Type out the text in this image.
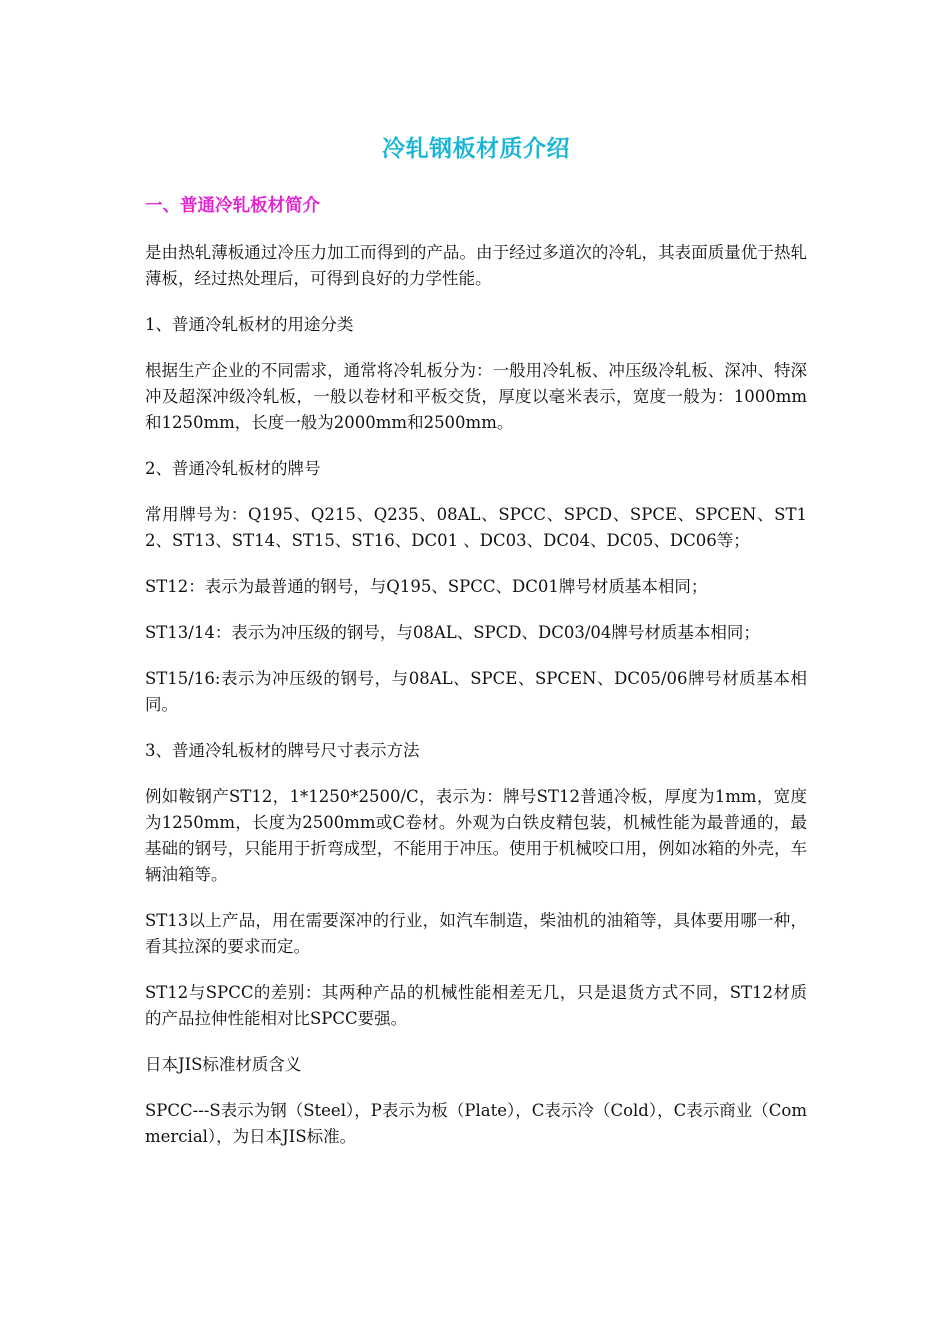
冷轧钢板材质介绍
一、普通冷轧板材简介

是由热轧薄板通过冷压力加工而得到的产品。由于经过多道次的冷轧，其表面质量优于热轧薄板，经过热处理后，可得到良好的力学性能。

1、普通冷轧板材的用途分类

根据生产企业的不同需求，通常将冷轧板分为：一般用冷轧板、冲压级冷轧板、深冲、特深冲及超深冲级冷轧板，一般以卷材和平板交货，厚度以毫米表示，宽度一般为：1000mm和1250mm，长度一般为2000mm和2500mm。

2、普通冷轧板材的牌号

常用牌号为：Q195、Q215、Q235、08AL、SPCC、SPCD、SPCE、SPCEN、ST12、ST13、ST14、ST15、ST16、DC01 、DC03、DC04、DC05、DC06等；

ST12：表示为最普通的钢号，与Q195、SPCC、DC01牌号材质基本相同；

ST13/14：表示为冲压级的钢号，与08AL、SPCD、DC03/04牌号材质基本相同；

ST15/16:表示为冲压级的钢号，与08AL、SPCE、SPCEN、DC05/06牌号材质基本相同。

3、普通冷轧板材的牌号尺寸表示方法

例如鞍钢产ST12，1*1250*2500/C，表示为：牌号ST12普通冷板，厚度为1mm，宽度为1250mm，长度为2500mm或C卷材。外观为白铁皮精包装，机械性能为最普通的，最基础的钢号，只能用于折弯成型，不能用于冲压。使用于机械咬口用，例如冰箱的外壳，车辆油箱等。

ST13以上产品，用在需要深冲的行业，如汽车制造，柴油机的油箱等，具体要用哪一种，看其拉深的要求而定。

ST12与SPCC的差别：其两种产品的机械性能相差无几，只是退货方式不同，ST12材质的产品拉伸性能相对比SPCC要强。

日本JIS标准材质含义

SPCC---S表示为钢（Steel），P表示为板（Plate），C表示冷（Cold），C表示商业（Commercial），为日本JIS标准。
